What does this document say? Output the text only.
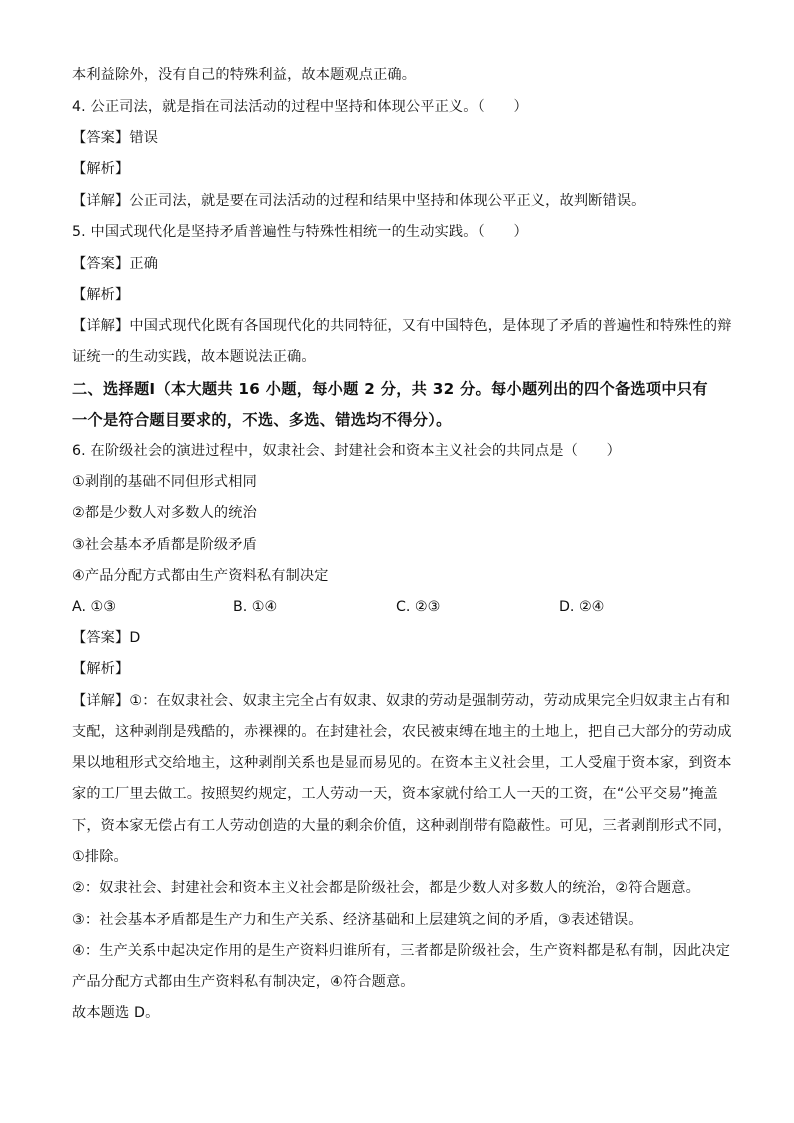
本利益除外，没有自己的特殊利益，故本题观点正确。
4. 公正司法，就是指在司法活动的过程中坚持和体现公平正义。（　　）
【答案】错误
【解析】
【详解】公正司法，就是要在司法活动的过程和结果中坚持和体现公平正义，故判断错误。
5. 中国式现代化是坚持矛盾普遍性与特殊性相统一的生动实践。（　　）
【答案】正确
【解析】
【详解】中国式现代化既有各国现代化的共同特征，又有中国特色，是体现了矛盾的普遍性和特殊性的辩
证统一的生动实践，故本题说法正确。
二、选择题Ⅰ（本大题共 16 小题，每小题 2 分，共 32 分。每小题列出的四个备选项中只有
一个是符合题目要求的，不选、多选、错选均不得分）。
6. 在阶级社会的演进过程中，奴隶社会、封建社会和资本主义社会的共同点是（　　）
①剥削的基础不同但形式相同
②都是少数人对多数人的统治
③社会基本矛盾都是阶级矛盾
④产品分配方式都由生产资料私有制决定
A. ①③	B. ①④	C. ②③	D. ②④
【答案】D
【解析】
【详解】①：在奴隶社会、奴隶主完全占有奴隶、奴隶的劳动是强制劳动，劳动成果完全归奴隶主占有和
支配，这种剥削是残酷的，赤裸裸的。在封建社会，农民被束缚在地主的土地上，把自己大部分的劳动成
果以地租形式交给地主，这种剥削关系也是显而易见的。在资本主义社会里，工人受雇于资本家，到资本
家的工厂里去做工。按照契约规定，工人劳动一天，资本家就付给工人一天的工资，在“公平交易”掩盖
下，资本家无偿占有工人劳动创造的大量的剩余价值，这种剥削带有隐蔽性。可见，三者剥削形式不同，
①排除。
②：奴隶社会、封建社会和资本主义社会都是阶级社会，都是少数人对多数人的统治，②符合题意。
③：社会基本矛盾都是生产力和生产关系、经济基础和上层建筑之间的矛盾，③表述错误。
④：生产关系中起决定作用的是生产资料归谁所有，三者都是阶级社会，生产资料都是私有制，因此决定
产品分配方式都由生产资料私有制决定，④符合题意。
故本题选 D。
